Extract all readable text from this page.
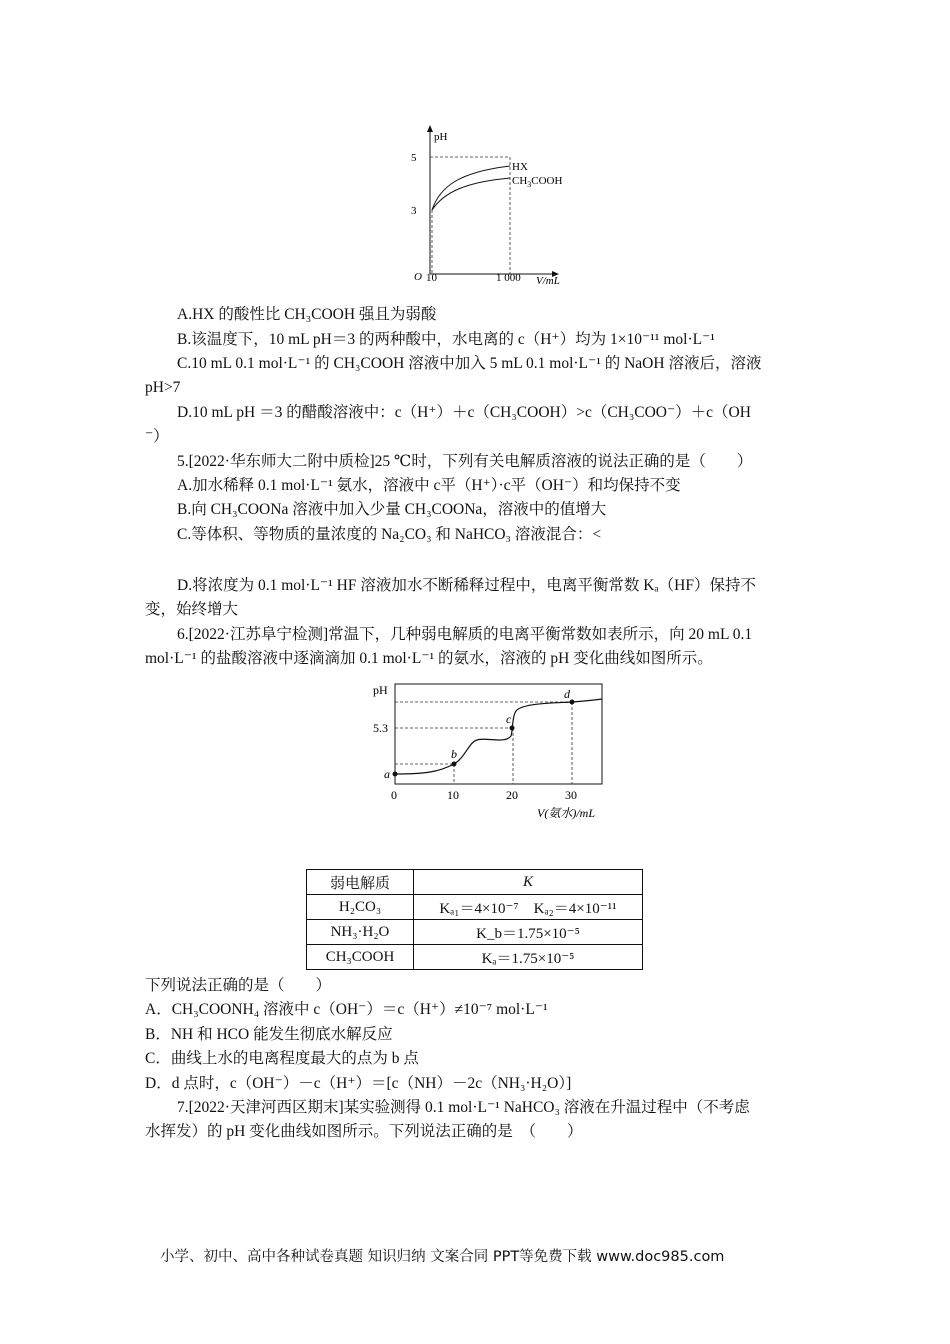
pH
5
3
O 10	1 000 V/mL
HX
$CH_3COOH$
A.HX 的酸性比 CH₃COOH 强且为弱酸
B.该温度下，10 mL pH＝3 的两种酸中，水电离的 c（H⁺）均为 1×10⁻¹¹ mol·L⁻¹
C.10 mL 0.1 mol·L⁻¹ 的 CH₃COOH 溶液中加入 5 mL 0.1 mol·L⁻¹ 的 NaOH 溶液后，溶液
pH>7
D.10 mL pH ＝3 的醋酸溶液中：c（H⁺）＋c（CH₃COOH）>c（CH₃COO⁻）＋c（OH
⁻）
5.[2022·华东师大二附中质检]25 ℃时，下列有关电解质溶液的说法正确的是（　　）
A.加水稀释 0.1 mol·L⁻¹ 氨水，溶液中 c平（H⁺）·c平（OH⁻）和均保持不变
B.向 CH₃COONa 溶液中加入少量 CH₃COONa，溶液中的值增大
C.等体积、等物质的量浓度的 Na₂CO₃ 和 NaHCO₃ 溶液混合：<
D.将浓度为 0.1 mol·L⁻¹ HF 溶液加水不断稀释过程中，电离平衡常数 Kₐ（HF）保持不
变，始终增大
6.[2022·江苏阜宁检测]常温下，几种弱电解质的电离平衡常数如表所示，向 20 mL 0.1
mol·L⁻¹ 的盐酸溶液中逐滴滴加 0.1 mol·L⁻¹ 的氨水，溶液的 pH 变化曲线如图所示。
pH
5.3
a
b
c
d
0	10	20	30
V(氨水)/mL
弱电解质	K
H₂CO₃	Kₐ₁＝4×10⁻⁷　Kₐ₂＝4×10⁻¹¹
NH₃·H₂O	K_b＝1.75×10⁻⁵
CH₃COOH	Kₐ＝1.75×10⁻⁵
下列说法正确的是（　　）
A．CH₃COONH₄ 溶液中 c（OH⁻）＝c（H⁺）≠10⁻⁷ mol·L⁻¹
B．NH 和 HCO 能发生彻底水解反应
C．曲线上水的电离程度最大的点为 b 点
D．d 点时，c（OH⁻）－c（H⁺）＝[c（NH）－2c（NH₃·H₂O）]
7.[2022·天津河西区期末]某实验测得 0.1 mol·L⁻¹ NaHCO₃ 溶液在升温过程中（不考虑
水挥发）的 pH 变化曲线如图所示。下列说法正确的是　（　　）
小学、初中、高中各种试卷真题 知识归纳 文案合同 PPT等免费下载 www.doc985.com
